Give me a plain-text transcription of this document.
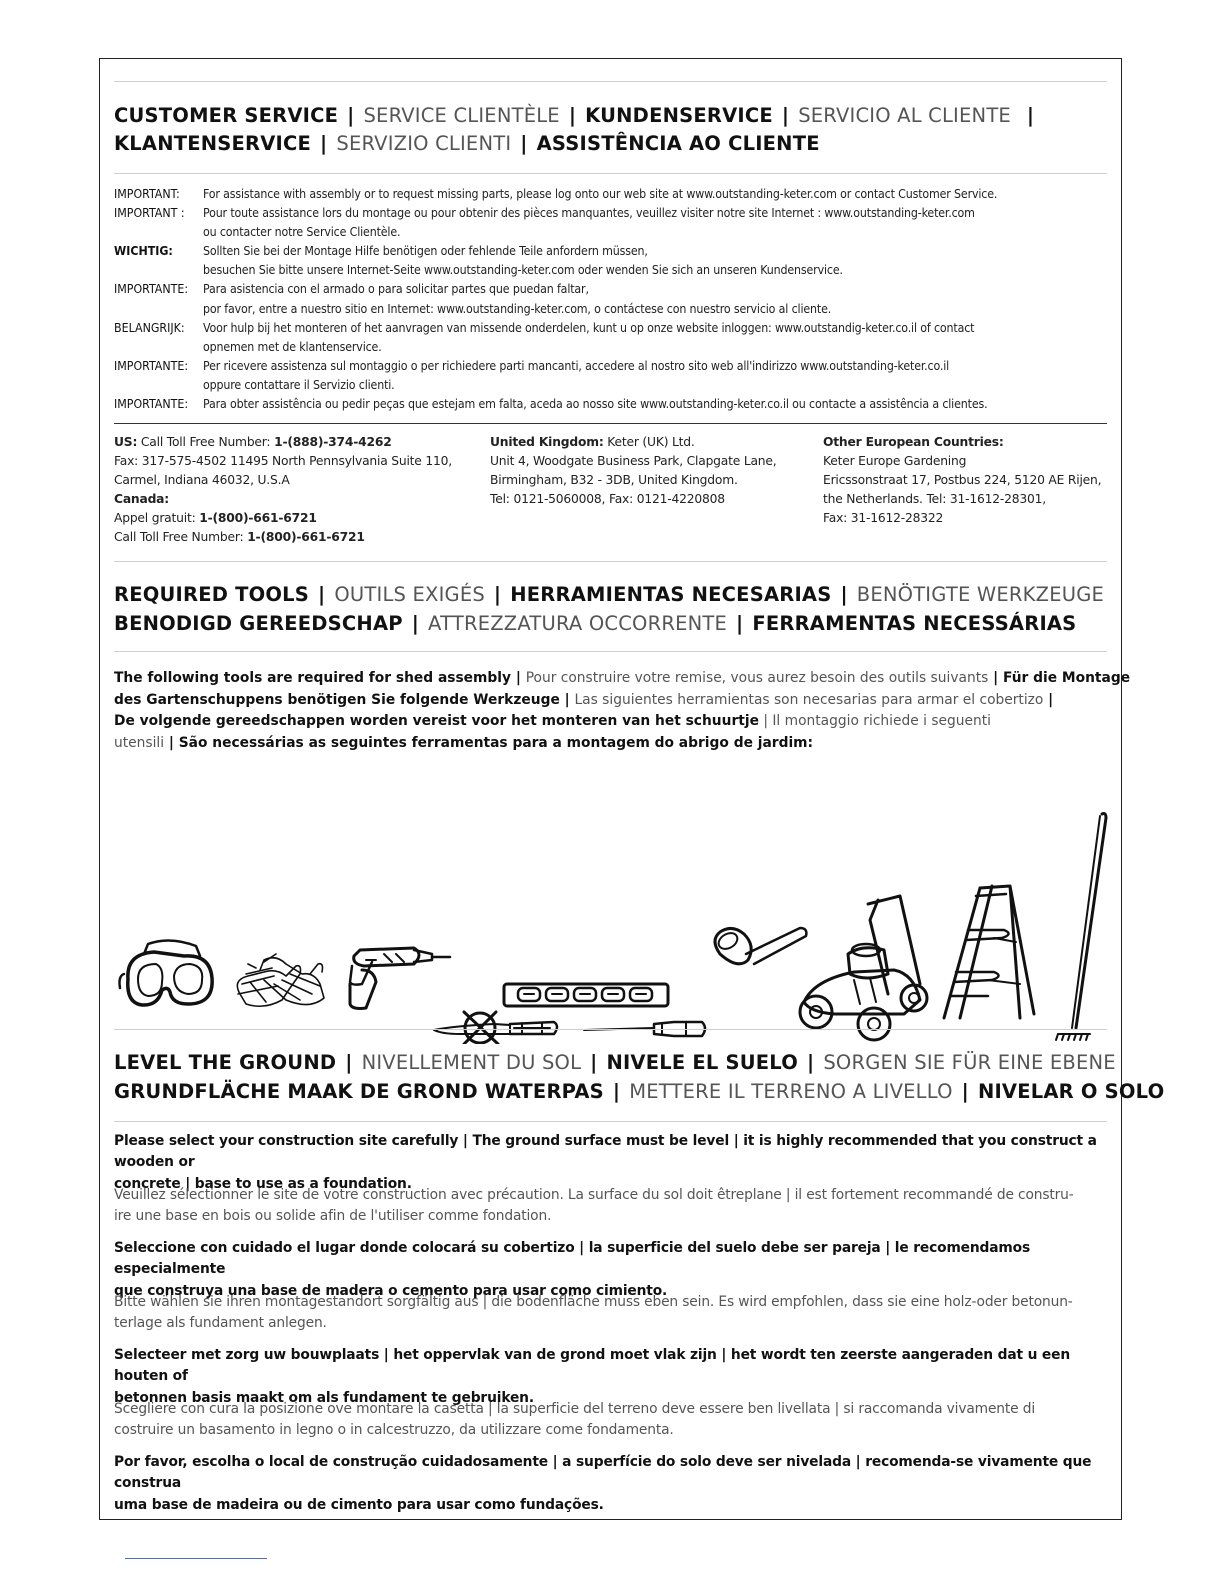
CUSTOMER SERVICE | SERVICE CLIENTÈLE | KUNDENSERVICE | SERVICIO AL CLIENTE  |
KLANTENSERVICE | SERVIZIO CLIENTI | ASSISTÊNCIA AO CLIENTE
IMPORTANT:	For assistance with assembly or to request missing parts, please log onto our web site at www.outstanding-keter.com or contact Customer Service.
IMPORTANT :	Pour toute assistance lors du montage ou pour obtenir des pièces manquantes, veuillez visiter notre site Internet : www.outstanding-keter.com
ou contacter notre Service Clientèle.
WICHTIG:	Sollten Sie bei der Montage Hilfe benötigen oder fehlende Teile anfordern müssen,
besuchen Sie bitte unsere Internet-Seite www.outstanding-keter.com oder wenden Sie sich an unseren Kundenservice.
IMPORTANTE:	Para asistencia con el armado o para solicitar partes que puedan faltar,
por favor, entre a nuestro sitio en Internet: www.outstanding-keter.com, o contáctese con nuestro servicio al cliente.
BELANGRIJK:	Voor hulp bij het monteren of het aanvragen van missende onderdelen, kunt u op onze website inloggen: www.outstandig-keter.co.il of contact
opnemen met de klantenservice.
IMPORTANTE:	Per ricevere assistenza sul montaggio o per richiedere parti mancanti, accedere al nostro sito web all'indirizzo www.outstanding-keter.co.il
oppure contattare il Servizio clienti.
IMPORTANTE:	Para obter assistência ou pedir peças que estejam em falta, aceda ao nosso site www.outstanding-keter.co.il ou contacte a assistência a clientes.
US: Call Toll Free Number: 1-(888)-374-4262
Fax: 317-575-4502 11495 North Pennsylvania Suite 110,
Carmel, Indiana 46032, U.S.A
Canada:
Appel gratuit: 1-(800)-661-6721
Call Toll Free Number: 1-(800)-661-6721
United Kingdom: Keter (UK) Ltd.
Unit 4, Woodgate Business Park, Clapgate Lane,
Birmingham, B32 - 3DB, United Kingdom.
Tel: 0121-5060008, Fax: 0121-4220808
Other European Countries:
Keter Europe Gardening
Ericssonstraat 17, Postbus 224, 5120 AE Rijen,
the Netherlands. Tel: 31-1612-28301,
Fax: 31-1612-28322
REQUIRED TOOLS | OUTILS EXIGÉS | HERRAMIENTAS NECESARIAS | BENÖTIGTE WERKZEUGE
BENODIGD GEREEDSCHAP | ATTREZZATURA OCCORRENTE | FERRAMENTAS NECESSÁRIAS
The following tools are required for shed assembly | Pour construire votre remise, vous aurez besoin des outils suivants | Für die Montage
des Gartenschuppens benötigen Sie folgende Werkzeuge | Las siguientes herramientas son necesarias para armar el cobertizo |
De volgende gereedschappen worden vereist voor het monteren van het schuurtje | Il montaggio richiede i seguenti
utensili | São necessárias as seguintes ferramentas para a montagem do abrigo de jardim:
LEVEL THE GROUND | NIVELLEMENT DU SOL | NIVELE EL SUELO | SORGEN SIE FÜR EINE EBENE
GRUNDFLÄCHE MAAK DE GROND WATERPAS | METTERE IL TERRENO A LIVELLO | NIVELAR O SOLO
Please select your construction site carefully | The ground surface must be level | it is highly recommended that you construct a wooden or
concrete | base to use as a foundation.
Veuillez sélectionner le site de votre construction avec précaution. La surface du sol doit êtreplane | il est fortement recommandé de constru-
ire une base en bois ou solide afin de l'utiliser comme fondation.
Seleccione con cuidado el lugar donde colocará su cobertizo | la superficie del suelo debe ser pareja | le recomendamos especialmente
que construya una base de madera o cemento para usar como cimiento.
Bitte wählen sie ihren montagestandort sorgfältig aus | die bodenfläche muss eben sein. Es wird empfohlen, dass sie eine holz-oder betonun-
terlage als fundament anlegen.
Selecteer met zorg uw bouwplaats | het oppervlak van de grond moet vlak zijn | het wordt ten zeerste aangeraden dat u een houten of
betonnen basis maakt om als fundament te gebruiken.
Scegliere con cura la posizione ove montare la casetta | la superficie del terreno deve essere ben livellata | si raccomanda vivamente di
costruire un basamento in legno o in calcestruzzo, da utilizzare come fondamenta.
Por favor, escolha o local de construção cuidadosamente | a superfície do solo deve ser nivelada | recomenda-se vivamente que construa
uma base de madeira ou de cimento para usar como fundações.
